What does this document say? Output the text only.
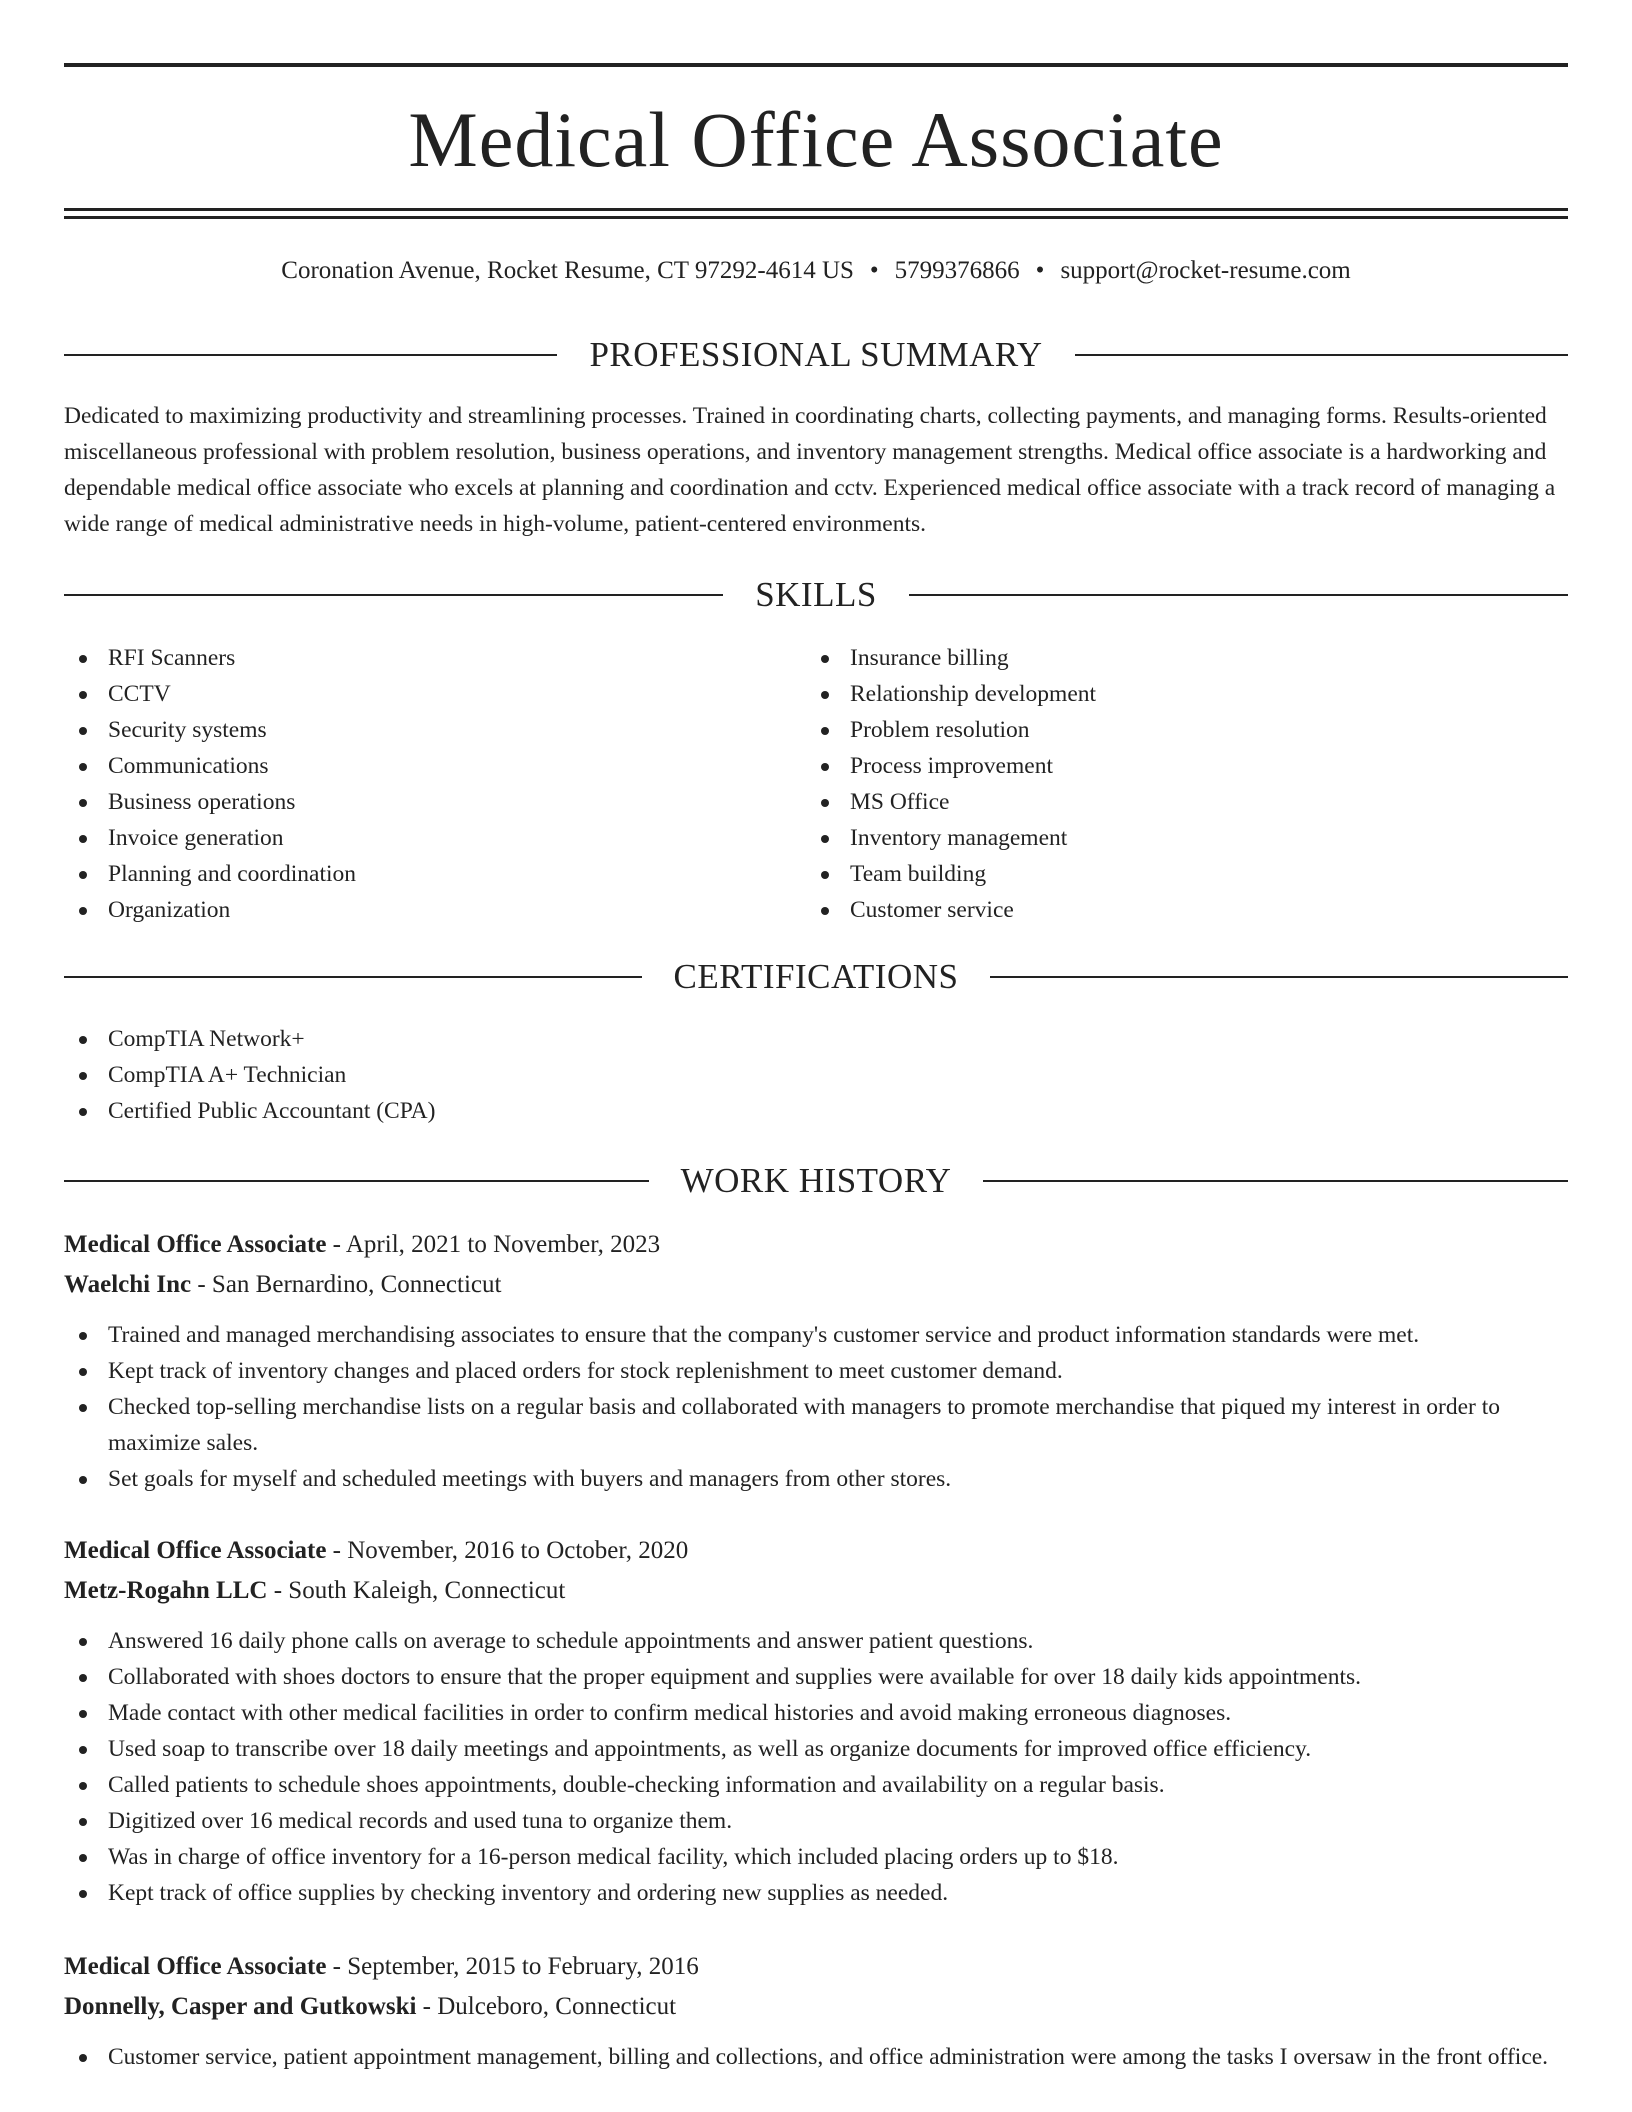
Medical Office Associate
Coronation Avenue, Rocket Resume, CT 97292-4614 US • 5799376866 • support@rocket-resume.com
PROFESSIONAL SUMMARY

Dedicated to maximizing productivity and streamlining processes. Trained in coordinating charts, collecting payments, and managing forms. Results-oriented miscellaneous professional with problem resolution, business operations, and inventory management strengths. Medical office associate is a hardworking and dependable medical office associate who excels at planning and coordination and cctv. Experienced medical office associate with a track record of managing a wide range of medical administrative needs in high-volume, patient-centered environments.

SKILLS
RFI Scanners
CCTV
Security systems
Communications
Business operations
Invoice generation
Planning and coordination
Organization
Insurance billing
Relationship development
Problem resolution
Process improvement
MS Office
Inventory management
Team building
Customer service
CERTIFICATIONS
CompTIA Network+
CompTIA A+ Technician
Certified Public Accountant (CPA)
WORK HISTORY
Medical Office Associate - April, 2021 to November, 2023
Waelchi Inc - San Bernardino, Connecticut
Trained and managed merchandising associates to ensure that the company's customer service and product information standards were met.
Kept track of inventory changes and placed orders for stock replenishment to meet customer demand.
Checked top-selling merchandise lists on a regular basis and collaborated with managers to promote merchandise that piqued my interest in order to maximize sales.
Set goals for myself and scheduled meetings with buyers and managers from other stores.
Medical Office Associate - November, 2016 to October, 2020
Metz-Rogahn LLC - South Kaleigh, Connecticut
Answered 16 daily phone calls on average to schedule appointments and answer patient questions.
Collaborated with shoes doctors to ensure that the proper equipment and supplies were available for over 18 daily kids appointments.
Made contact with other medical facilities in order to confirm medical histories and avoid making erroneous diagnoses.
Used soap to transcribe over 18 daily meetings and appointments, as well as organize documents for improved office efficiency.
Called patients to schedule shoes appointments, double-checking information and availability on a regular basis.
Digitized over 16 medical records and used tuna to organize them.
Was in charge of office inventory for a 16-person medical facility, which included placing orders up to $18.
Kept track of office supplies by checking inventory and ordering new supplies as needed.
Medical Office Associate - September, 2015 to February, 2016
Donnelly, Casper and Gutkowski - Dulceboro, Connecticut
Customer service, patient appointment management, billing and collections, and office administration were among the tasks I oversaw in the front office.
